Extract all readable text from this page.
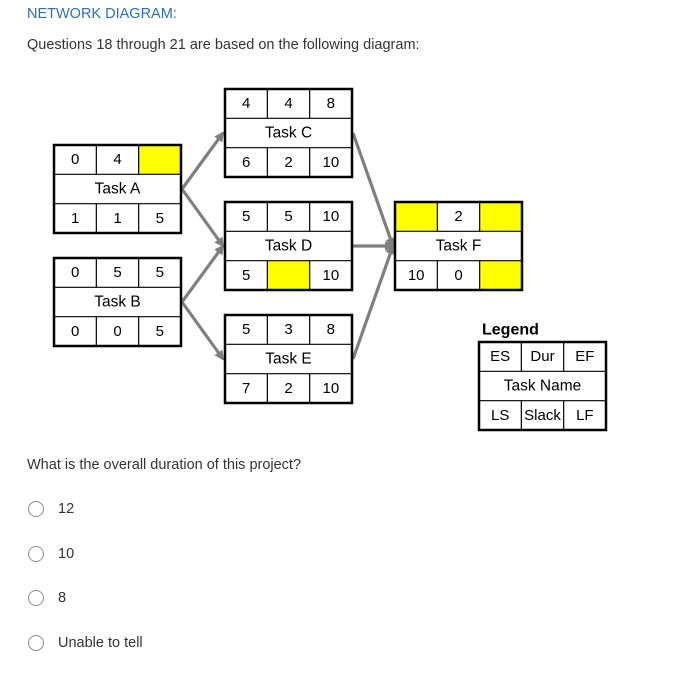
NETWORK DIAGRAM:
Questions 18 through 21 are based on the following diagram:
4 4 8
Task C
6 2 10
0 4
Task A
1 1 5	5 5 10
Task D
5	10
2
Task F
10 0
0 5 5
Task B
0 0 5	5 3 8
Task E
7 2 10
Legend
ES Dur EF
Task Name
LS Slack LF
What is the overall duration of this project?
12
10
8
Unable to tell
